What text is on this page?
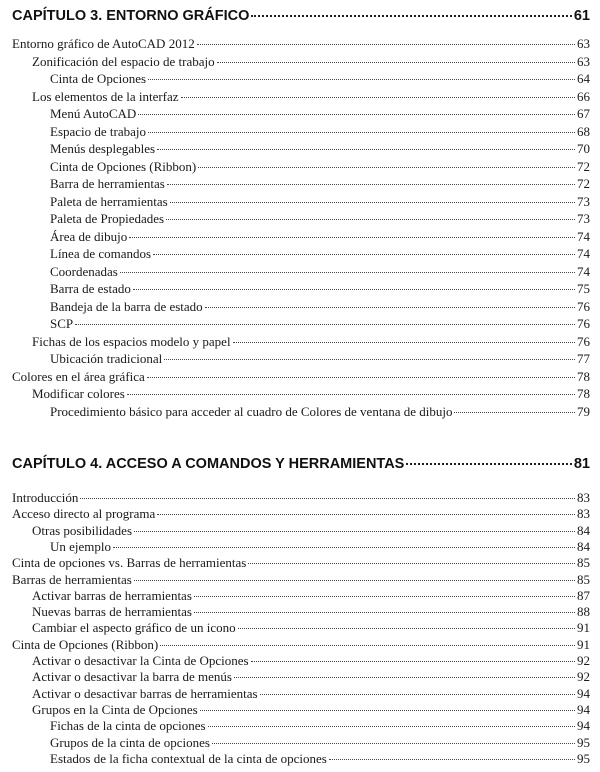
CAPÍTULO 3. ENTORNO GRÁFICO	61
Entorno gráfico de AutoCAD 2012	63
Zonificación del espacio de trabajo	63
Cinta de Opciones	64
Los elementos de la interfaz	66
Menú AutoCAD	67
Espacio de trabajo	68
Menús desplegables	70
Cinta de Opciones (Ribbon)	72
Barra de herramientas	72
Paleta de herramientas	73
Paleta de Propiedades	73
Área de dibujo	74
Línea de comandos	74
Coordenadas	74
Barra de estado	75
Bandeja de la barra de estado	76
SCP	76
Fichas de los espacios modelo y papel	76
Ubicación tradicional	77
Colores en el área gráfica	78
Modificar colores	78
Procedimiento básico para acceder al cuadro de Colores de ventana de dibujo	79
CAPÍTULO 4. ACCESO A COMANDOS Y HERRAMIENTAS	81
Introducción	83
Acceso directo al programa	83
Otras posibilidades	84
Un ejemplo	84
Cinta de opciones vs. Barras de herramientas	85
Barras de herramientas	85
Activar barras de herramientas	87
Nuevas barras de herramientas	88
Cambiar el aspecto gráfico de un icono	91
Cinta de Opciones (Ribbon)	91
Activar o desactivar la Cinta de Opciones	92
Activar o desactivar la barra de menús	92
Activar o desactivar barras de herramientas	94
Grupos en la Cinta de Opciones	94
Fichas de la cinta de opciones	94
Grupos de la cinta de opciones	95
Estados de la ficha contextual de la cinta de opciones	95
